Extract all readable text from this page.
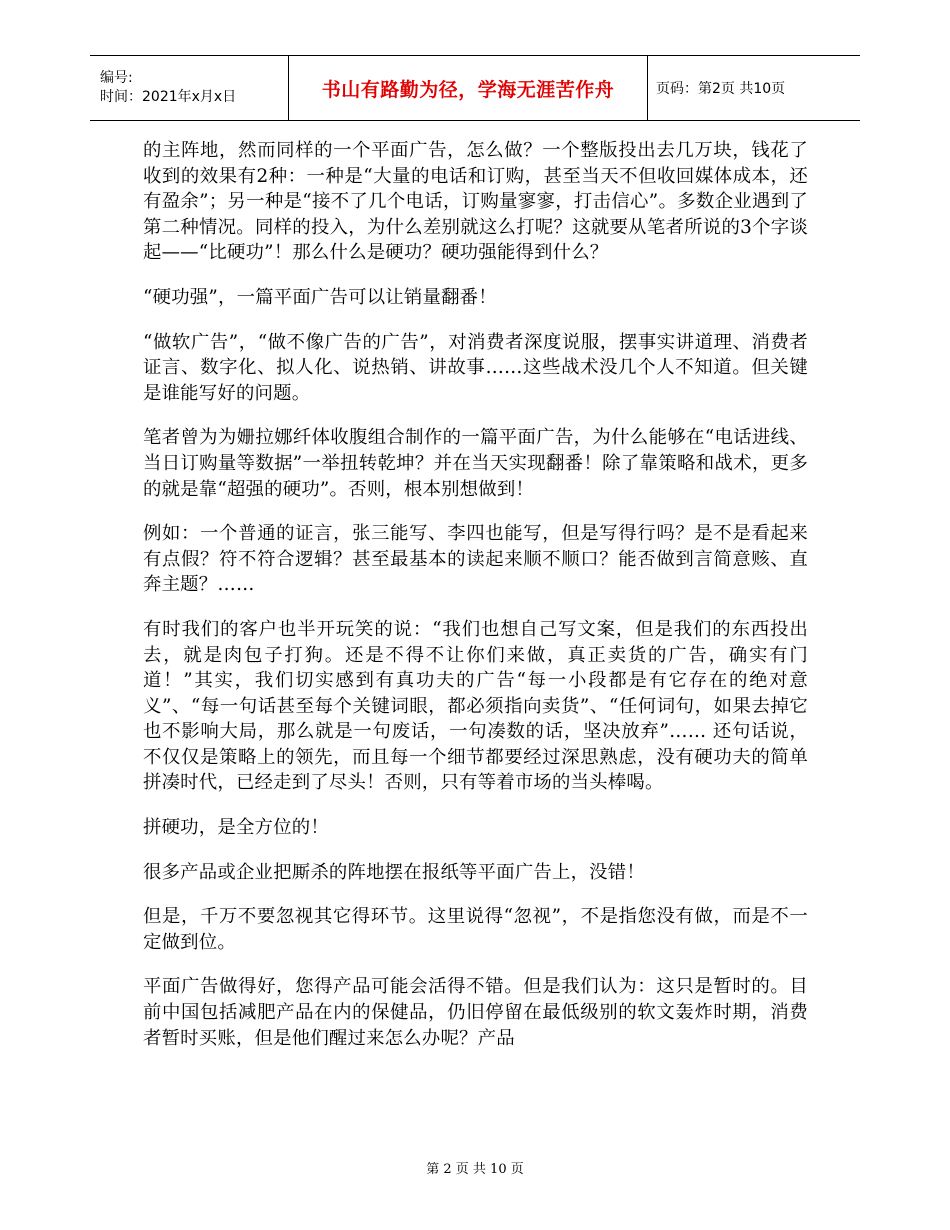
编号:
时间：2021年x月x日	书山有路勤为径，学海无涯苦作舟	页码：第2页 共10页

的主阵地，然而同样的一个平面广告，怎么做？一个整版投出去几万块，钱花了收到的效果有2种：一种是“大量的电话和订购，甚至当天不但收回媒体成本，还有盈余”；另一种是“接不了几个电话，订购量寥寥，打击信心”。多数企业遇到了第二种情况。同样的投入，为什么差别就这么打呢？这就要从笔者所说的3个字谈起——“比硬功”！那么什么是硬功？硬功强能得到什么？

“硬功强”，一篇平面广告可以让销量翻番！

“做软广告”，“做不像广告的广告”，对消费者深度说服，摆事实讲道理、消费者证言、数字化、拟人化、说热销、讲故事……这些战术没几个人不知道。但关键是谁能写好的问题。

笔者曾为为姗拉娜纤体收腹组合制作的一篇平面广告，为什么能够在“电话进线、当日订购量等数据”一举扭转乾坤？并在当天实现翻番！除了靠策略和战术，更多的就是靠“超强的硬功”。否则，根本别想做到！

例如：一个普通的证言，张三能写、李四也能写，但是写得行吗？是不是看起来有点假？符不符合逻辑？甚至最基本的读起来顺不顺口？能否做到言简意赅、直奔主题？……

有时我们的客户也半开玩笑的说：“我们也想自己写文案，但是我们的东西投出去，就是肉包子打狗。还是不得不让你们来做，真正卖货的广告，确实有门道！”其实，我们切实感到有真功夫的广告“每一小段都是有它存在的绝对意义”、“每一句话甚至每个关键词眼，都必须指向卖货”、“任何词句，如果去掉它也不影响大局，那么就是一句废话，一句凑数的话，坚决放弃”…… 还句话说，不仅仅是策略上的领先，而且每一个细节都要经过深思熟虑，没有硬功夫的简单拼凑时代，已经走到了尽头！否则，只有等着市场的当头棒喝。

拼硬功，是全方位的！

很多产品或企业把厮杀的阵地摆在报纸等平面广告上，没错！

但是，千万不要忽视其它得环节。这里说得“忽视”，不是指您没有做，而是不一定做到位。

平面广告做得好，您得产品可能会活得不错。但是我们认为：这只是暂时的。目前中国包括减肥产品在内的保健品，仍旧停留在最低级别的软文轰炸时期，消费者暂时买账，但是他们醒过来怎么办呢？产品

第 2 页 共 10 页
